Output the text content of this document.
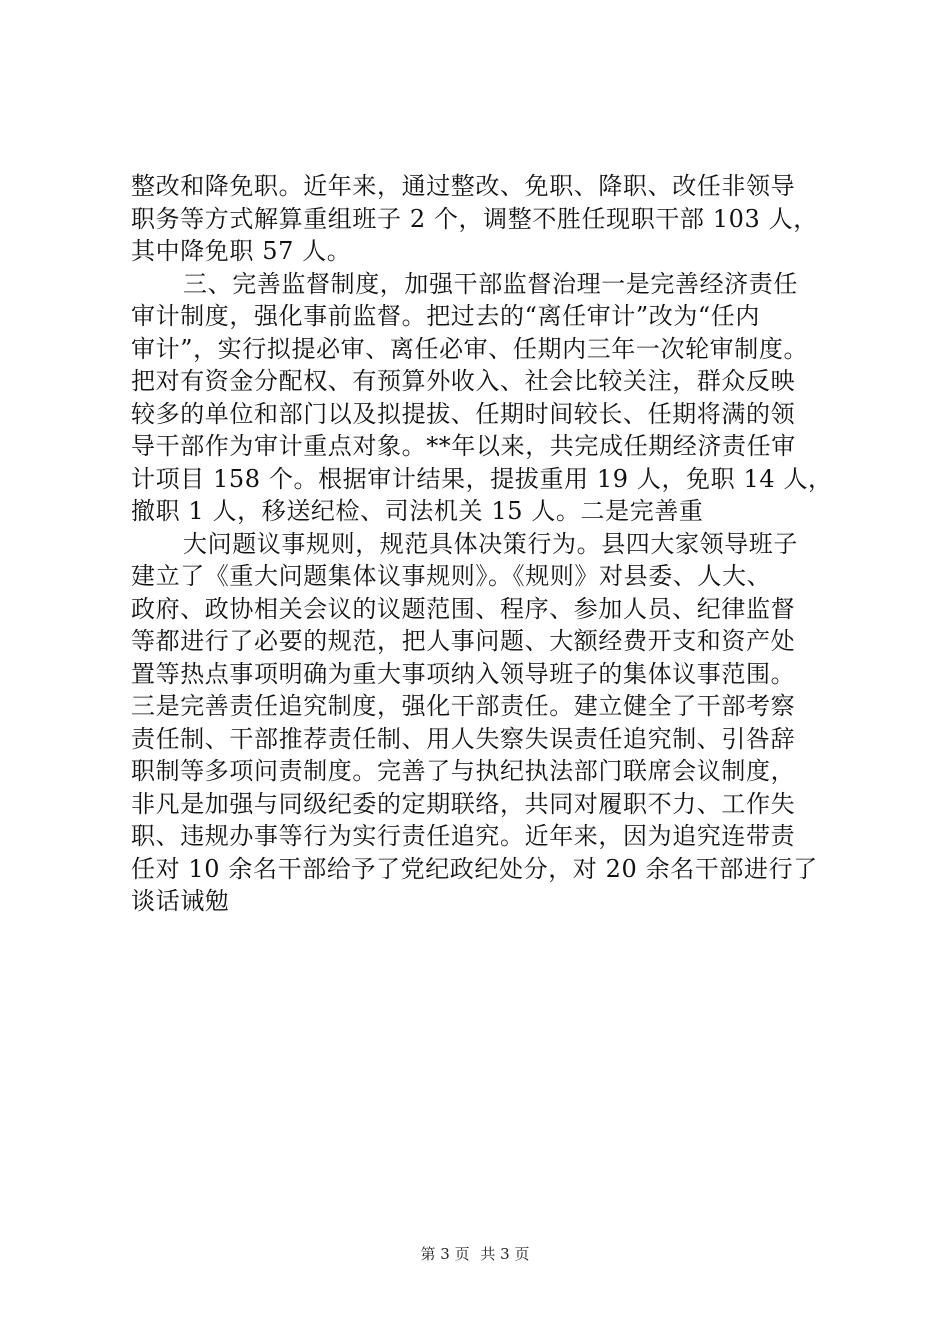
整改和降免职。近年来，通过整改、免职、降职、改任非领导
职务等方式解算重组班子 2 个，调整不胜任现职干部 103 人，
其中降免职 57 人。
三、完善监督制度，加强干部监督治理一是完善经济责任
审计制度，强化事前监督。把过去的“离任审计”改为“任内
审计”，实行拟提必审、离任必审、任期内三年一次轮审制度。
把对有资金分配权、有预算外收入、社会比较关注，群众反映
较多的单位和部门以及拟提拔、任期时间较长、任期将满的领
导干部作为审计重点对象。**年以来，共完成任期经济责任审
计项目 158 个。根据审计结果，提拔重用 19 人，免职 14 人，
撤职 1 人，移送纪检、司法机关 15 人。二是完善重
大问题议事规则，规范具体决策行为。县四大家领导班子
建立了《重大问题集体议事规则》。《规则》对县委、人大、
政府、政协相关会议的议题范围、程序、参加人员、纪律监督
等都进行了必要的规范，把人事问题、大额经费开支和资产处
置等热点事项明确为重大事项纳入领导班子的集体议事范围。
三是完善责任追究制度，强化干部责任。建立健全了干部考察
责任制、干部推荐责任制、用人失察失误责任追究制、引咎辞
职制等多项问责制度。完善了与执纪执法部门联席会议制度，
非凡是加强与同级纪委的定期联络，共同对履职不力、工作失
职、违规办事等行为实行责任追究。近年来，因为追究连带责
任对 10 余名干部给予了党纪政纪处分，对 20 余名干部进行了
谈话诫勉
第 3 页 共 3 页
